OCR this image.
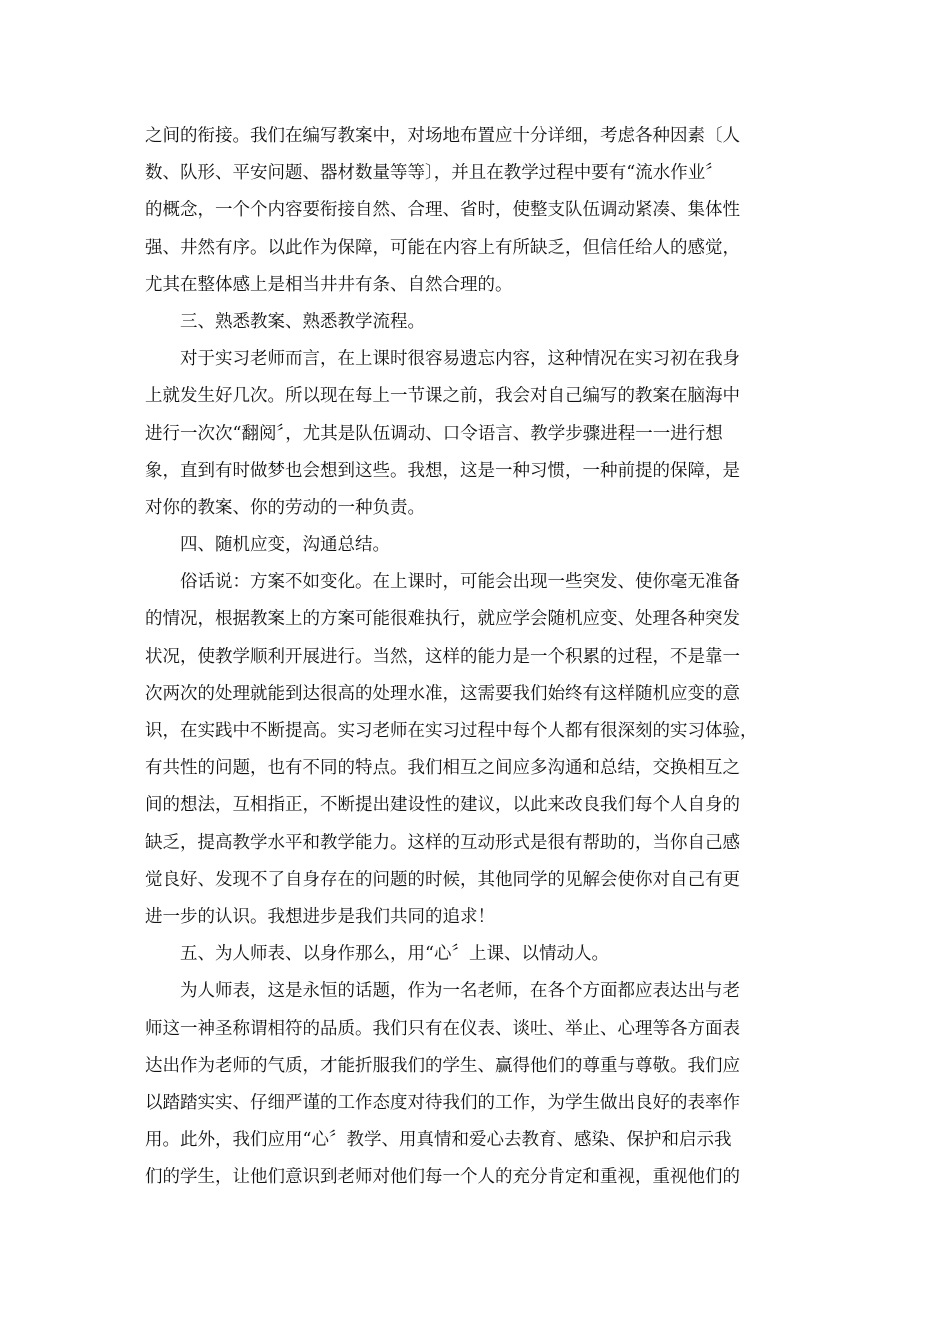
之间的衔接。我们在编写教案中，对场地布置应十分详细，考虑各种因素〔人
数、队形、平安问题、器材数量等等〕，并且在教学过程中要有“流水作业〞
的概念，一个个内容要衔接自然、合理、省时，使整支队伍调动紧凑、集体性
强、井然有序。以此作为保障，可能在内容上有所缺乏，但信任给人的感觉，
尤其在整体感上是相当井井有条、自然合理的。
三、熟悉教案、熟悉教学流程。
对于实习老师而言，在上课时很容易遗忘内容，这种情况在实习初在我身
上就发生好几次。所以现在每上一节课之前，我会对自己编写的教案在脑海中
进行一次次“翻阅〞，尤其是队伍调动、口令语言、教学步骤进程一一进行想
象，直到有时做梦也会想到这些。我想，这是一种习惯，一种前提的保障，是
对你的教案、你的劳动的一种负责。
四、随机应变，沟通总结。
俗话说：方案不如变化。在上课时，可能会出现一些突发、使你毫无准备
的情况，根据教案上的方案可能很难执行，就应学会随机应变、处理各种突发
状况，使教学顺利开展进行。当然，这样的能力是一个积累的过程，不是靠一
次两次的处理就能到达很高的处理水准，这需要我们始终有这样随机应变的意
识，在实践中不断提高。实习老师在实习过程中每个人都有很深刻的实习体验，
有共性的问题，也有不同的特点。我们相互之间应多沟通和总结，交换相互之
间的想法，互相指正，不断提出建设性的建议，以此来改良我们每个人自身的
缺乏，提高教学水平和教学能力。这样的互动形式是很有帮助的，当你自己感
觉良好、发现不了自身存在的问题的时候，其他同学的见解会使你对自己有更
进一步的认识。我想进步是我们共同的追求！
五、为人师表、以身作那么，用“心〞上课、以情动人。
为人师表，这是永恒的话题，作为一名老师，在各个方面都应表达出与老
师这一神圣称谓相符的品质。我们只有在仪表、谈吐、举止、心理等各方面表
达出作为老师的气质，才能折服我们的学生、赢得他们的尊重与尊敬。我们应
以踏踏实实、仔细严谨的工作态度对待我们的工作，为学生做出良好的表率作
用。此外，我们应用“心〞教学、用真情和爱心去教育、感染、保护和启示我
们的学生，让他们意识到老师对他们每一个人的充分肯定和重视，重视他们的
